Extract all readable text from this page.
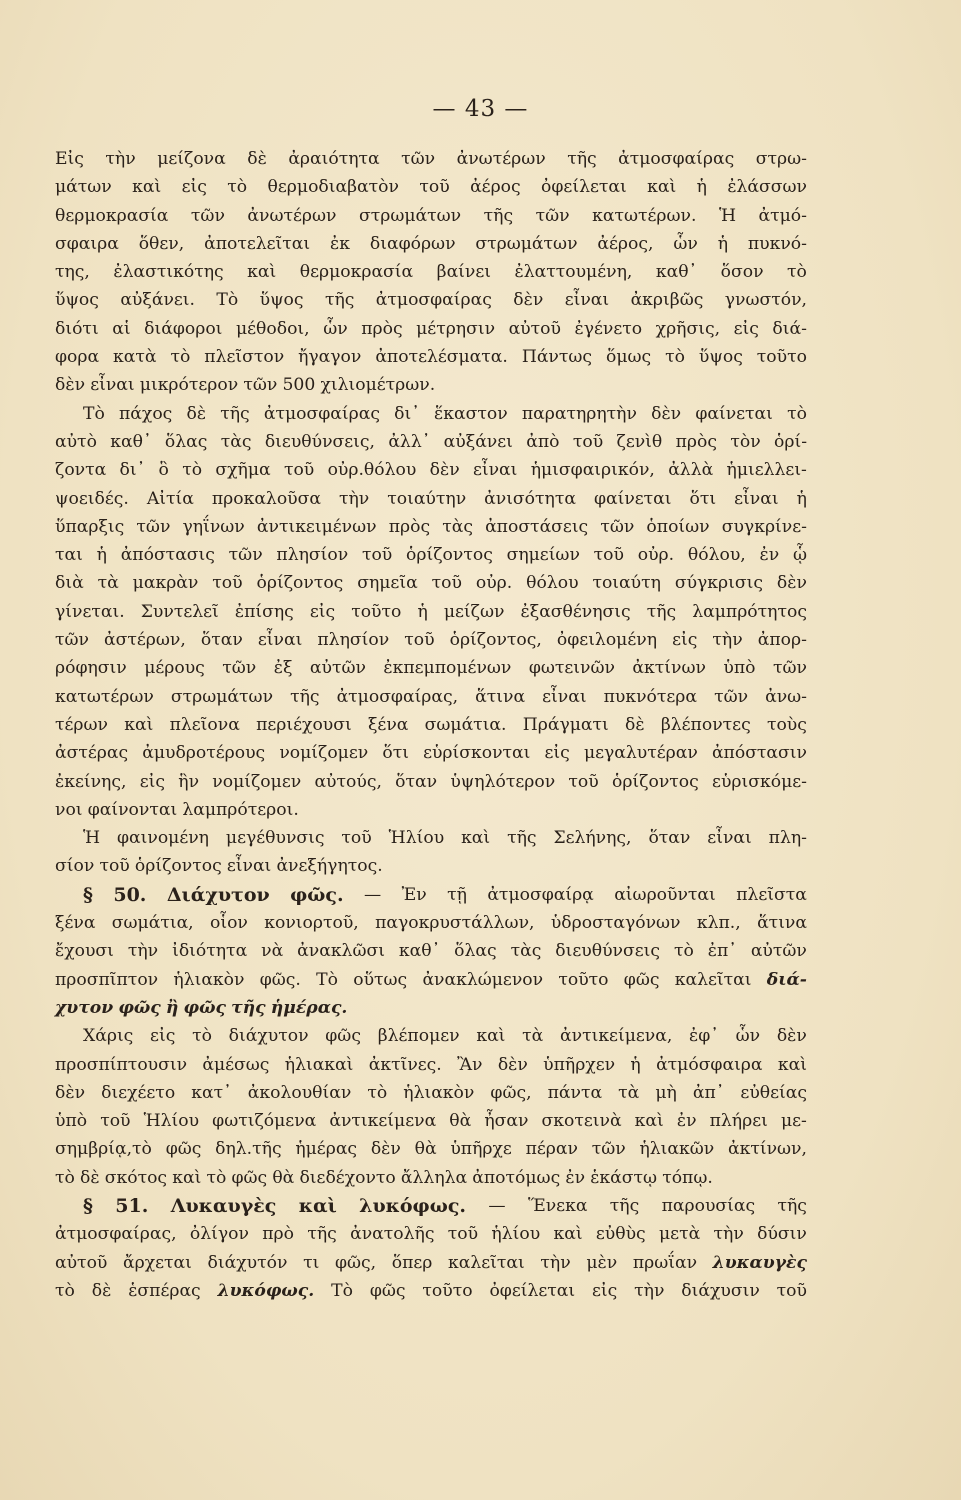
— 43 —
Εἰς τὴν μείζονα δὲ ἀραιότητα τῶν ἀνωτέρων τῆς ἀτμοσφαίρας στρω-
μάτων καὶ εἰς τὸ θερμοδιαβατὸν τοῦ ἀέρος ὀφείλεται καὶ ἡ ἐλάσσων
θερμοκρασία τῶν ἀνωτέρων στρωμάτων τῆς τῶν κατωτέρων. Ἡ ἀτμό-
σφαιρα ὅθεν, ἀποτελεῖται ἐκ διαφόρων στρωμάτων ἀέρος, ὧν ἡ πυκνό-
της, ἐλαστικότης καὶ θερμοκρασία βαίνει ἐλαττουμένη, καθ᾽ ὅσον τὸ
ὕψος αὐξάνει. Τὸ ὕψος τῆς ἀτμοσφαίρας δὲν εἶναι ἀκριβῶς γνωστόν,
διότι αἱ διάφοροι μέθοδοι, ὧν πρὸς μέτρησιν αὐτοῦ ἐγένετο χρῆσις, εἰς διά-
φορα κατὰ τὸ πλεῖστον ἤγαγον ἀποτελέσματα. Πάντως ὅμως τὸ ὕψος τοῦτο
δὲν εἶναι μικρότερον τῶν 500 χιλιομέτρων.
Τὸ πάχος δὲ τῆς ἀτμοσφαίρας δι᾽ ἕκαστον παρατηρητὴν δὲν φαίνεται τὸ
αὐτὸ καθ᾽ ὅλας τὰς διευθύνσεις, ἀλλ᾽ αὐξάνει ἀπὸ τοῦ ζενὶθ πρὸς τὸν ὁρί-
ζοντα δι᾽ ὃ τὸ σχῆμα τοῦ οὐρ.θόλου δὲν εἶναι ἡμισφαιρικόν, ἀλλὰ ἡμιελλει-
ψοειδές. Αἰτία προκαλοῦσα τὴν τοιαύτην ἀνισότητα φαίνεται ὅτι εἶναι ἡ
ὕπαρξις τῶν γηΐνων ἀντικειμένων πρὸς τὰς ἀποστάσεις τῶν ὁποίων συγκρίνε-
ται ἡ ἀπόστασις τῶν πλησίον τοῦ ὁρίζοντος σημείων τοῦ οὐρ. θόλου, ἐν ᾧ
διὰ τὰ μακρὰν τοῦ ὁρίζοντος σημεῖα τοῦ οὐρ. θόλου τοιαύτη σύγκρισις δὲν
γίνεται. Συντελεῖ ἐπίσης εἰς τοῦτο ἡ μείζων ἐξασθένησις τῆς λαμπρότητος
τῶν ἀστέρων, ὅταν εἶναι πλησίον τοῦ ὁρίζοντος, ὀφειλομένη εἰς τὴν ἀπορ-
ρόφησιν μέρους τῶν ἐξ αὐτῶν ἐκπεμπομένων φωτεινῶν ἀκτίνων ὑπὸ τῶν
κατωτέρων στρωμάτων τῆς ἀτμοσφαίρας, ἅτινα εἶναι πυκνότερα τῶν ἀνω-
τέρων καὶ πλεῖονα περιέχουσι ξένα σωμάτια. Πράγματι δὲ βλέποντες τοὺς
ἀστέρας ἀμυδροτέρους νομίζομεν ὅτι εὑρίσκονται εἰς μεγαλυτέραν ἀπόστασιν
ἐκείνης, εἰς ἣν νομίζομεν αὐτούς, ὅταν ὑψηλότερον τοῦ ὁρίζοντος εὑρισκόμε-
νοι φαίνονται λαμπρότεροι.
Ἡ φαινομένη μεγέθυνσις τοῦ Ἡλίου καὶ τῆς Σελήνης, ὅταν εἶναι πλη-
σίον τοῦ ὁρίζοντος εἶναι ἀνεξήγητος.
§ 50. Διάχυτον φῶς. — Ἐν τῇ ἀτμοσφαίρᾳ αἰωροῦνται πλεῖστα
ξένα σωμάτια, οἷον κονιορτοῦ, παγοκρυστάλλων, ὑδροσταγόνων κλπ., ἅτινα
ἔχουσι τὴν ἰδιότητα νὰ ἀνακλῶσι καθ᾽ ὅλας τὰς διευθύνσεις τὸ ἐπ᾽ αὐτῶν
προσπῖπτον ἡλιακὸν φῶς. Τὸ οὕτως ἀνακλώμενον τοῦτο φῶς καλεῖται διά-
χυτον φῶς ἢ φῶς τῆς ἡμέρας.
Χάρις εἰς τὸ διάχυτον φῶς βλέπομεν καὶ τὰ ἀντικείμενα, ἐφ᾽ ὧν δὲν
προσπίπτουσιν ἀμέσως ἡλιακαὶ ἀκτῖνες. Ἂν δὲν ὑπῆρχεν ἡ ἀτμόσφαιρα καὶ
δὲν διεχέετο κατ᾽ ἀκολουθίαν τὸ ἡλιακὸν φῶς, πάντα τὰ μὴ ἀπ᾽ εὐθείας
ὑπὸ τοῦ Ἡλίου φωτιζόμενα ἀντικείμενα θὰ ἦσαν σκοτεινὰ καὶ ἐν πλήρει με-
σημβρίᾳ,τὸ φῶς δηλ.τῆς ἡμέρας δὲν θὰ ὑπῆρχε πέραν τῶν ἡλιακῶν ἀκτίνων,
τὸ δὲ σκότος καὶ τὸ φῶς θὰ διεδέχοντο ἄλληλα ἀποτόμως ἐν ἑκάστῳ τόπῳ.
§ 51. Λυκαυγὲς καὶ λυκόφως. — Ἕνεκα τῆς παρουσίας τῆς
ἀτμοσφαίρας, ὀλίγον πρὸ τῆς ἀνατολῆς τοῦ ἡλίου καὶ εὐθὺς μετὰ τὴν δύσιν
αὐτοῦ ἄρχεται διάχυτόν τι φῶς, ὅπερ καλεῖται τὴν μὲν πρωΐαν λυκαυγὲς
τὸ δὲ ἑσπέρας λυκόφως. Τὸ φῶς τοῦτο ὀφείλεται εἰς τὴν διάχυσιν τοῦ
